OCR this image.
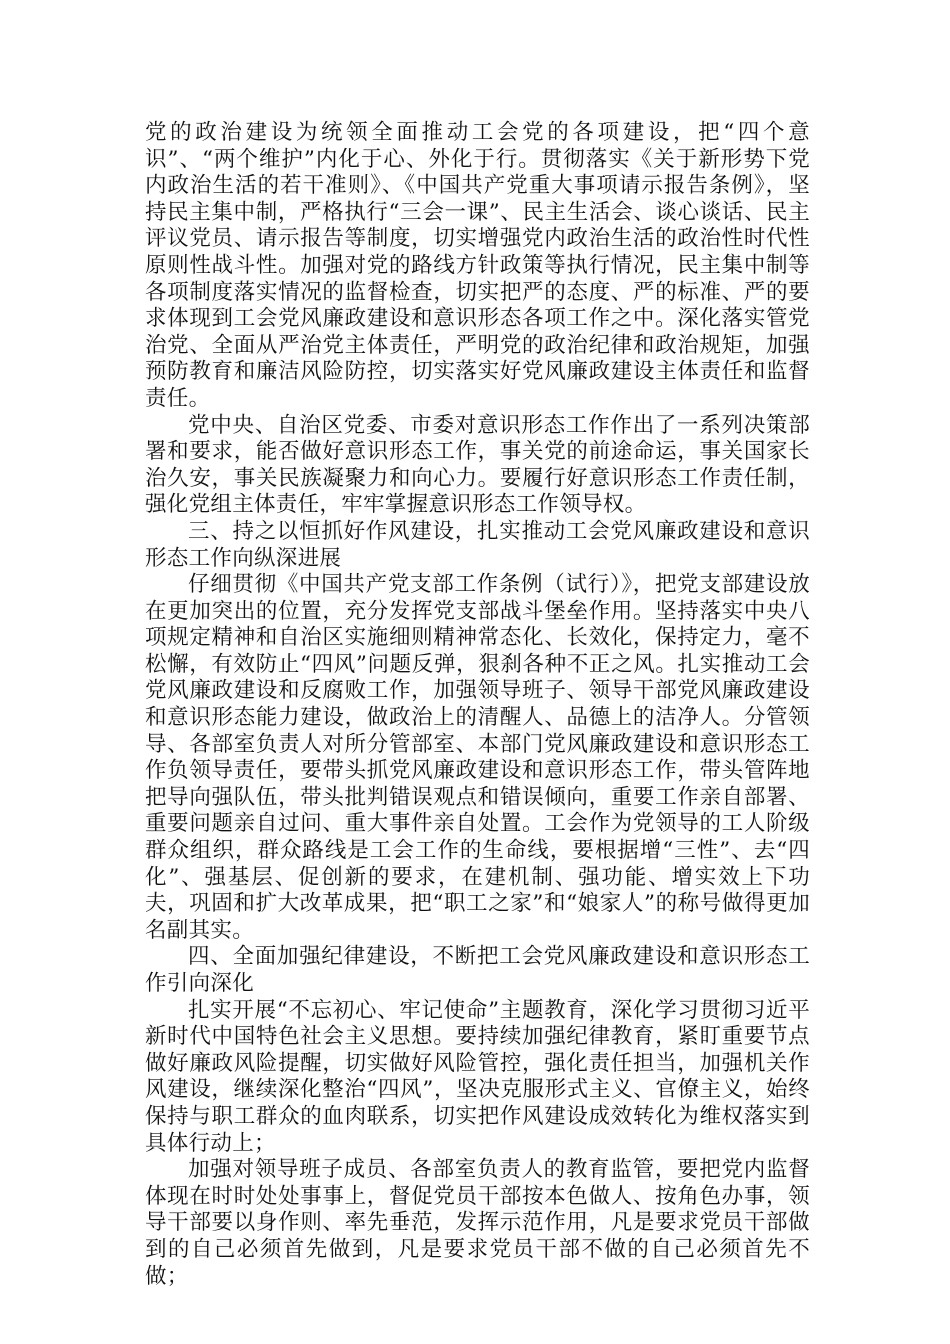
党的政治建设为统领全面推动工会党的各项建设，把“四个意识”、“两个维护”内化于心、外化于行。贯彻落实《关于新形势下党内政治生活的若干准则》、《中国共产党重大事项请示报告条例》，坚持民主集中制，严格执行“三会一课”、民主生活会、谈心谈话、民主评议党员、请示报告等制度，切实增强党内政治生活的政治性时代性原则性战斗性。加强对党的路线方针政策等执行情况，民主集中制等各项制度落实情况的监督检查，切实把严的态度、严的标准、严的要求体现到工会党风廉政建设和意识形态各项工作之中。深化落实管党治党、全面从严治党主体责任，严明党的政治纪律和政治规矩，加强预防教育和廉洁风险防控，切实落实好党风廉政建设主体责任和监督责任。

党中央、自治区党委、市委对意识形态工作作出了一系列决策部署和要求，能否做好意识形态工作，事关党的前途命运，事关国家长治久安，事关民族凝聚力和向心力。要履行好意识形态工作责任制，强化党组主体责任，牢牢掌握意识形态工作领导权。

三、持之以恒抓好作风建设，扎实推动工会党风廉政建设和意识形态工作向纵深进展

仔细贯彻《中国共产党支部工作条例（试行）》，把党支部建设放在更加突出的位置，充分发挥党支部战斗堡垒作用。坚持落实中央八项规定精神和自治区实施细则精神常态化、长效化，保持定力，毫不松懈，有效防止“四风”问题反弹，狠刹各种不正之风。扎实推动工会党风廉政建设和反腐败工作，加强领导班子、领导干部党风廉政建设和意识形态能力建设，做政治上的清醒人、品德上的洁净人。分管领导、各部室负责人对所分管部室、本部门党风廉政建设和意识形态工作负领导责任，要带头抓党风廉政建设和意识形态工作，带头管阵地把导向强队伍，带头批判错误观点和错误倾向，重要工作亲自部署、重要问题亲自过问、重大事件亲自处置。工会作为党领导的工人阶级群众组织，群众路线是工会工作的生命线，要根据增“三性”、去“四化”、强基层、促创新的要求，在建机制、强功能、增实效上下功夫，巩固和扩大改革成果，把“职工之家”和“娘家人”的称号做得更加名副其实。

四、全面加强纪律建设，不断把工会党风廉政建设和意识形态工作引向深化

扎实开展“不忘初心、牢记使命”主题教育，深化学习贯彻习近平新时代中国特色社会主义思想。要持续加强纪律教育，紧盯重要节点做好廉政风险提醒，切实做好风险管控，强化责任担当，加强机关作风建设，继续深化整治“四风”，坚决克服形式主义、官僚主义，始终保持与职工群众的血肉联系，切实把作风建设成效转化为维权落实到具体行动上；

加强对领导班子成员、各部室负责人的教育监管，要把党内监督体现在时时处处事事上，督促党员干部按本色做人、按角色办事，领导干部要以身作则、率先垂范，发挥示范作用，凡是要求党员干部做到的自己必须首先做到，凡是要求党员干部不做的自己必须首先不做；
